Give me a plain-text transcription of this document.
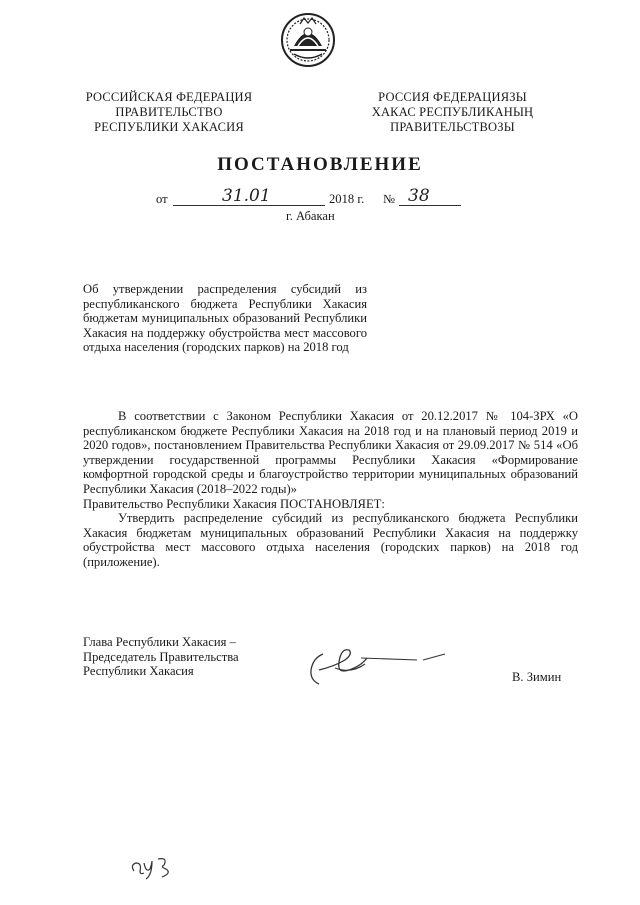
РОССИЙСКАЯ ФЕДЕРАЦИЯ
ПРАВИТЕЛЬСТВО
РЕСПУБЛИКИ ХАКАСИЯ
РОССИЯ ФЕДЕРАЦИЯЗЫ
ХАКАС РЕСПУБЛИКАНЫҢ
ПРАВИТЕЛЬСТВОЗЫ
ПОСТАНОВЛЕНИЕ
от	31.01	2018 г. № 38
г. Абакан
Об утверждении распределения субсидий из республиканского бюджета Республики Хакасия бюджетам муниципальных образований Республики Хакасия на поддержку обустройства мест массового отдыха населения (городских парков) на 2018 год

В соответствии с Законом Республики Хакасия от 20.12.2017 № 104-ЗРХ «О республиканском бюджете Республики Хакасия на 2018 год и на плановый период 2019 и 2020 годов», постановлением Правительства Республики Хакасия от 29.09.2017 № 514 «Об утверждении государственной программы Республики Хакасия «Формирование комфортной городской среды и благоустройство территории муниципальных образований Республики Хакасия (2018–2022 годы)»

Правительство Республики Хакасия ПОСТАНОВЛЯЕТ:

Утвердить распределение субсидий из республиканского бюджета Республики Хакасия бюджетам муниципальных образований Республики Хакасия на поддержку обустройства мест массового отдыха населения (городских парков) на 2018 год (приложение).

Глава Республики Хакасия –
Председатель Правительства
Республики Хакасия	В. Зимин
